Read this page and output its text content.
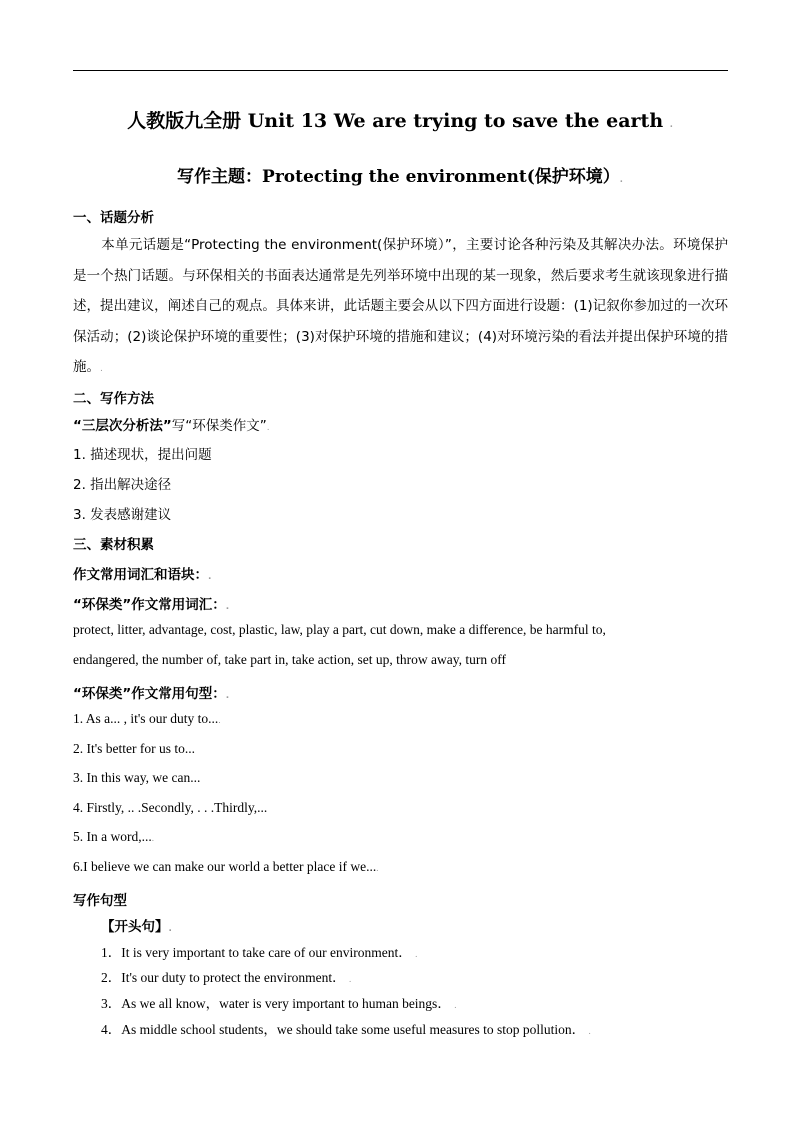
人教版九全册 Unit 13 We are trying to save the earth .
写作主题：Protecting the environment(保护环境）.
一、话题分析
本单元话题是“Protecting the environment(保护环境）”，主要讨论各种污染及其解决办法。环境保护是一个热门话题。与环保相关的书面表达通常是先列举环境中出现的某一现象，然后要求考生就该现象进行描述，提出建议，阐述自己的观点。具体来讲，此话题主要会从以下四方面进行设题：(1)记叙你参加过的一次环保活动；(2)谈论保护环境的重要性；(3)对保护环境的措施和建议；(4)对环境污染的看法并提出保护环境的措施。.
二、写作方法
“三层次分析法”写“环保类作文”.
1. 描述现状，提出问题
2. 指出解决途径
3. 发表感谢建议
三、素材积累
作文常用词汇和语块：.
“环保类”作文常用词汇：.
protect, litter, advantage, cost, plastic, law, play a part, cut down, make a difference, be harmful to,
endangered, the number of, take part in, take action, set up, throw away, turn off
“环保类”作文常用句型：.
1. As a... , it's our duty to....
2. It's better for us to...
3. In this way, we can...
4. Firstly, .. .Secondly, . . .Thirdly,...
5. In a word,....
6.I believe we can make our world a better place if we....
写作句型
【开头句】.
1．It is very important to take care of our environment． .
2．It's our duty to protect the environment． .
3．As we all know，water is very important to human beings． .
4．As middle school students，we should take some useful measures to stop pollution． .
